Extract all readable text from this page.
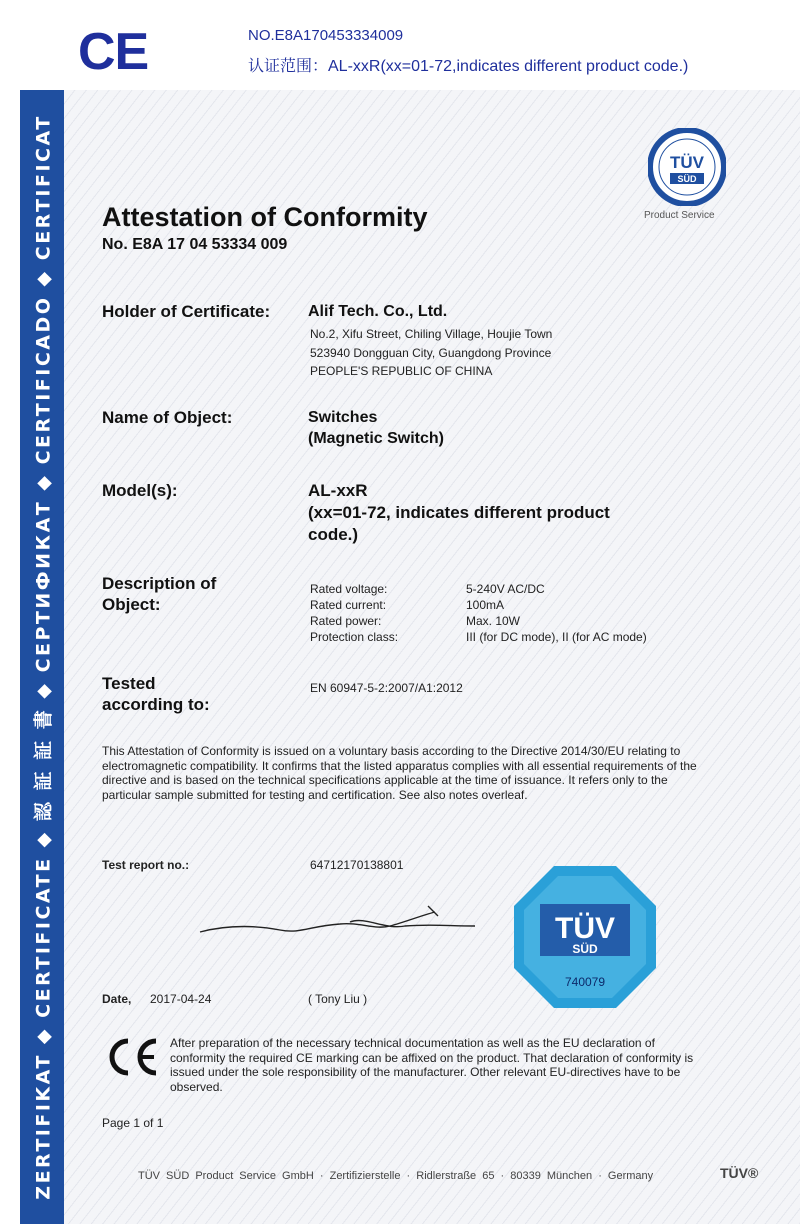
CE	NO.E8A170453334009
认证范围：AL-xxR(xx=01-72,indicates different product code.)
ZERTIFIKAT ◆ CERTIFICATE ◆ 認 証 証 書 ◆ СЕРТИФИКАТ ◆ CERTIFICADO ◆ CERTIFICAT	TÜV
SÜD
Product Service
Attestation of Conformity
No. E8A 17 04 53334 009
Holder of Certificate: Alif Tech. Co., Ltd.
No.2, Xifu Street, Chiling Village, Houjie Town
523940 Dongguan City, Guangdong Province
PEOPLE'S REPUBLIC OF CHINA
Name of Object:	Switches
(Magnetic Switch)
Model(s):	AL-xxR
(xx=01-72, indicates different product
code.)
Description of
Object:
Rated voltage:	5-240V AC/DC
Rated current:	100mA
Rated power:	Max. 10W
Protection class:	III (for DC mode), II (for AC mode)
Tested
according to:
EN 60947-5-2:2007/A1:2012
This Attestation of Conformity is issued on a voluntary basis according to the Directive 2014/30/EU relating to electromagnetic compatibility. It confirms that the listed apparatus complies with all essential requirements of the directive and is based on the technical specifications applicable at the time of issuance. It refers only to the particular sample submitted for testing and certification. See also notes overleaf.
Test report no.:	64712170138801
TÜV
SÜD
740079
Date, 2017-04-24	( Tony Liu )
After preparation of the necessary technical documentation as well as the EU declaration of conformity the required CE marking can be affixed on the product. That declaration of conformity is issued under the sole responsibility of the manufacturer. Other relevant EU-directives have to be observed.
Page 1 of 1
TÜV SÜD Product Service GmbH · Zertifizierstelle · Ridlerstraße 65 · 80339 München · Germany	TÜV®
